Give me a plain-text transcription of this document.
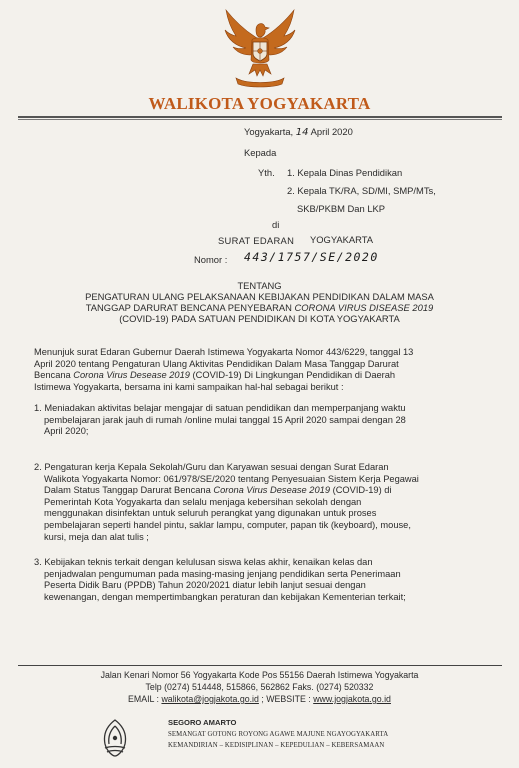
WALIKOTA YOGYAKARTA
Yogyakarta, 14 April 2020
Kepada
Yth. 1. Kepala Dinas Pendidikan
2. Kepala TK/RA, SD/MI, SMP/MTs,
SKB/PKBM Dan LKP
di
YOGYAKARTA
SURAT EDARAN
Nomor : 443/1757/SE/2020
TENTANG
PENGATURAN ULANG PELAKSANAAN KEBIJAKAN PENDIDIKAN DALAM MASA
TANGGAP DARURAT BENCANA PENYEBARAN CORONA VIRUS DISEASE 2019
(COVID-19) PADA SATUAN PENDIDIKAN DI KOTA YOGYAKARTA
Menunjuk surat Edaran Gubernur Daerah Istimewa Yogyakarta Nomor 443/6229, tanggal 13
April 2020 tentang Pengaturan Ulang Aktivitas Pendidikan Dalam Masa Tanggap Darurat
Bencana Corona Virus Desease 2019 (COVID-19) Di Lingkungan Pendidikan di Daerah
Istimewa Yogyakarta, bersama ini kami sampaikan hal-hal sebagai berikut :
1. Meniadakan aktivitas belajar mengajar di satuan pendidikan dan memperpanjang waktu
pembelajaran jarak jauh di rumah /online mulai tanggal 15 April 2020 sampai dengan 28
April 2020;
2. Pengaturan kerja Kepala Sekolah/Guru dan Karyawan sesuai dengan Surat Edaran
Walikota Yogyakarta Nomor: 061/978/SE/2020 tentang Penyesuaian Sistem Kerja Pegawai
Dalam Status Tanggap Darurat Bencana Corona Virus Desease 2019 (COVID-19) di
Pemerintah Kota Yogyakarta dan selalu menjaga kebersihan sekolah dengan
menggunakan disinfektan untuk seluruh perangkat yang digunakan untuk proses
pembelajaran seperti handel pintu, saklar lampu, computer, papan tik (keyboard), mouse,
kursi, meja dan alat tulis ;
3. Kebijakan teknis terkait dengan kelulusan siswa kelas akhir, kenaikan kelas dan
penjadwalan pengumuman pada masing-masing jenjang pendidikan serta Penerimaan
Peserta Didik Baru (PPDB) Tahun 2020/2021 diatur lebih lanjut sesuai dengan
kewenangan, dengan mempertimbangkan peraturan dan kebijakan Kementerian terkait;
Jalan Kenari Nomor 56 Yogyakarta Kode Pos 55156 Daerah Istimewa Yogyakarta
Telp (0274) 514448, 515866, 562862 Faks. (0274) 520332
EMAIL : walikota@jogjakota.go.id ; WEBSITE : www.jogjakota.go.id
SEGORO AMARTO
SEMANGAT GOTONG ROYONG AGAWE MAJUNE NGAYOGYAKARTA
KEMANDIRIAN – KEDISIPLINAN – KEPEDULIAN – KEBERSAMAAN
